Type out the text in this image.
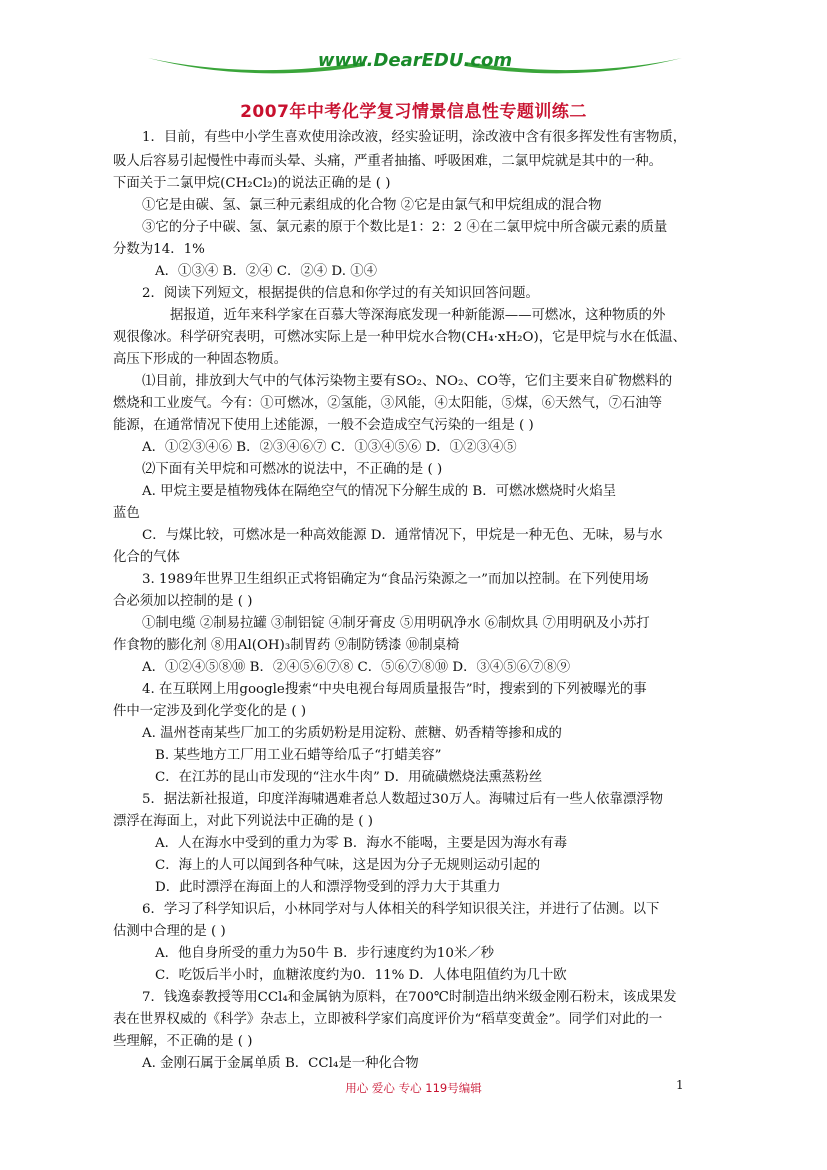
www.DearEDU.com
2007年中考化学复习情景信息性专题训练二
1．目前，有些中小学生喜欢使用涂改液，经实验证明，涂改液中含有很多挥发性有害物质，
吸人后容易引起慢性中毒而头晕、头痛，严重者抽搐、呼吸困难，二氯甲烷就是其中的一种。
下面关于二氯甲烷(CH₂Cl₂)的说法正确的是 ( )
①它是由碳、氢、氯三种元素组成的化合物 ②它是由氯气和甲烷组成的混合物
③它的分子中碳、氢、氯元素的原于个数比是1：2：2 ④在二氯甲烷中所含碳元素的质量
分数为14．1%
A．①③④ B．②④ C．②④ D. ①④
2．阅读下列短文，根据提供的信息和你学过的有关知识回答问题。
据报道，近年来科学家在百慕大等深海底发现一种新能源——可燃冰，这种物质的外
观很像冰。科学研究表明，可燃冰实际上是一种甲烷水合物(CH₄·xH₂O)，它是甲烷与水在低温、
高压下形成的一种固态物质。
⑴目前，排放到大气中的气体污染物主要有SO₂、NO₂、CO等，它们主要来自矿物燃料的
燃烧和工业废气。今有：①可燃冰，②氢能，③风能，④太阳能，⑤煤，⑥天然气，⑦石油等
能源，在通常情况下使用上述能源，一般不会造成空气污染的一组是 ( )
A．①②③④⑥ B．②③④⑥⑦ C．①③④⑤⑥ D．①②③④⑤
⑵下面有关甲烷和可燃冰的说法中，不正确的是 ( )
A. 甲烷主要是植物残体在隔绝空气的情况下分解生成的 B．可燃冰燃烧时火焰呈
蓝色
C．与煤比较，可燃冰是一种高效能源 D．通常情况下，甲烷是一种无色、无味，易与水
化合的气体
3. 1989年世界卫生组织正式将铝确定为“食品污染源之一”而加以控制。在下列使用场
合必须加以控制的是 ( )
①制电缆 ②制易拉罐 ③制铝锭 ④制牙膏皮 ⑤用明矾净水 ⑥制炊具 ⑦用明矾及小苏打
作食物的膨化剂 ⑧用Al(OH)₃制胃药 ⑨制防锈漆 ⑩制桌椅
A．①②④⑤⑧⑩ B．②④⑤⑥⑦⑧ C．⑤⑥⑦⑧⑩ D．③④⑤⑥⑦⑧⑨
4. 在互联网上用google搜索“中央电视台每周质量报告”时，搜索到的下列被曝光的事
件中一定涉及到化学变化的是 ( )
A. 温州苍南某些厂加工的劣质奶粉是用淀粉、蔗糖、奶香精等掺和成的
B. 某些地方工厂用工业石蜡等给瓜子“打蜡美容”
C．在江苏的昆山市发现的“注水牛肉” D．用硫磺燃烧法熏蒸粉丝
5．据法新社报道，印度洋海啸遇难者总人数超过30万人。海啸过后有一些人依靠漂浮物
漂浮在海面上，对此下列说法中正确的是 ( )
A．人在海水中受到的重力为零 B．海水不能喝，主要是因为海水有毒
C．海上的人可以闻到各种气味，这是因为分子无规则运动引起的
D．此时漂浮在海面上的人和漂浮物受到的浮力大于其重力
6．学习了科学知识后，小林同学对与人体相关的科学知识很关注，并进行了估测。以下
估测中合理的是 ( )
A．他自身所受的重力为50牛 B．步行速度约为10米／秒
C．吃饭后半小时，血糖浓度约为0．11% D．人体电阻值约为几十欧
7．钱逸泰教授等用CCl₄和金属钠为原料，在700℃时制造出纳米级金刚石粉末，该成果发
表在世界权威的《科学》杂志上，立即被科学家们高度评价为“稻草变黄金”。同学们对此的一
些理解，不正确的是 ( )
A. 金刚石属于金属单质 B．CCl₄是一种化合物
用心 爱心 专心 119号编辑	1
